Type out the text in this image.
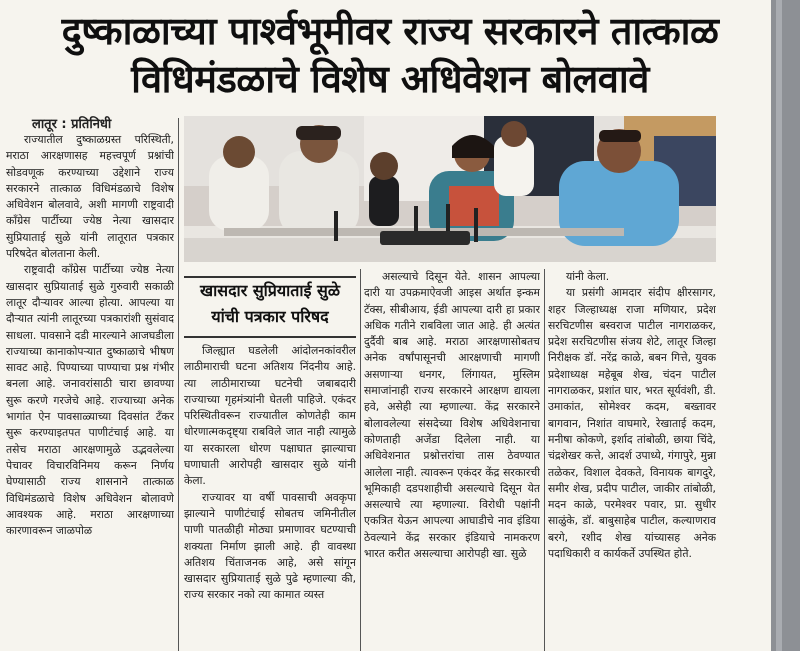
दुष्काळाच्या पार्श्वभूमीवर राज्य सरकारने तात्काळ
विधिमंडळाचे विशेष अधिवेशन बोलवावे
लातूर : प्रतिनिधी

राज्यातील दुष्काळग्रस्त परिस्थिती, मराठा आरक्षणासह महत्त्वपूर्ण प्रश्नांची सोडवणूक करण्याच्या उद्देशाने राज्य सरकारने तात्काळ विधिमंडळाचे विशेष अधिवेशन बोलवावे, अशी मागणी राष्ट्रवादी कॉंग्रेस पार्टीच्या ज्येष्ठ नेत्या खासदार सुप्रियाताई सुळे यांनी लातूरात पत्रकार परिषदेत बोलताना केली.

राष्ट्रवादी कॉंग्रेस पार्टीच्या ज्येष्ठ नेत्या खासदार सुप्रियाताई सुळे गुरुवारी सकाळी लातूर दौऱ्यावर आल्या होत्या. आपल्या या दौऱ्यात त्यांनी लातूरच्या पत्रकारांशी सुसंवाद साधला. पावसाने दडी मारल्याने आजघडीला राज्याच्या कानाकोपऱ्यात दुष्काळाचे भीषण सावट आहे. पिण्याच्या पाण्याचा प्रश्न गंभीर बनला आहे. जनावरांसाठी चारा छावण्या सुरू करणे गरजेचे आहे. राज्याच्या अनेक भागांत ऐन पावसाळ्याच्या दिवसांत टँकर सुरू करण्याइतपत पाणीटंचाई आहे. या तसेच मराठा आरक्षणामुळे उद्भवलेल्या पेचावर विचारविनिमय करून निर्णय घेण्यासाठी राज्य शासनाने तात्काळ विधिमंडळाचे विशेष अधिवेशन बोलावणे आवश्यक आहे. मराठा आरक्षणाच्या कारणावरून जाळपोळ

खासदार सुप्रियाताई सुळे
यांची पत्रकार परिषद

जिल्ह्यात घडलेली आंदोलनकांवरील लाठीमाराची घटना अतिशय निंदनीय आहे. त्या लाठीमाराच्या घटनेची जबाबदारी राज्याच्या गृहमंत्र्यांनी घेतली पाहिजे. एकंदर परिस्थितीवरून राज्यातील कोणतेही काम धोरणात्मकदृष्ट्या राबविले जात नाही त्यामुळे या सरकारला धोरण पक्षाघात झाल्याचा घणाघाती आरोपही खासदार सुळे यांनी केला.

राज्यावर या वर्षी पावसाची अवकृपा झाल्याने पाणीटंचाई सोबतच जमिनीतील पाणी पातळीही मोठ्या प्रमाणावर घटण्याची शक्यता निर्माण झाली आहे. ही वावस्था अतिशय चिंताजनक आहे, असे सांगून खासदार सुप्रियाताई सुळे पुढे म्हणाल्या की, राज्य सरकार नको त्या कामात व्यस्त

असल्याचे दिसून येते. शासन आपल्या दारी या उपक्रमाऐवजी आइस अर्थात इन्कम टॅक्स, सीबीआय, ईडी आपल्या दारी हा प्रकार अधिक गतीने राबविला जात आहे. ही अत्यंत दुर्दैवी बाब आहे. मराठा आरक्षणासोबतच अनेक वर्षांपासूनची आरक्षणाची मागणी असणाऱ्या धनगर, लिंगायत, मुस्लिम समाजांनाही राज्य सरकारने आरक्षण द्यायला हवे, असेही त्या म्हणाल्या. केंद्र सरकारने बोलावलेल्या संसदेच्या विशेष अधिवेशनाचा कोणताही अजेंडा दिलेला नाही. या अधिवेशनात प्रश्नोत्तरांचा तास ठेवण्यात आलेला नाही. त्यावरून एकंदर केंद्र सरकारची भूमिकाही दडपशाहीची असल्याचे दिसून येत असल्याचे त्या म्हणाल्या. विरोधी पक्षांनी एकत्रित येऊन आपल्या आघाडीचे नाव इंडिया ठेवल्याने केंद्र सरकार इंडियाचे नामकरण भारत करीत असल्याचा आरोपही खा. सुळे

यांनी केला.

या प्रसंगी आमदार संदीप क्षीरसागर, शहर जिल्हाध्यक्ष राजा मणियार, प्रदेश सरचिटणीस बस्वराज पाटील नागराळकर, प्रदेश सरचिटणीस संजय शेटे, लातूर जिल्हा निरीक्षक डॉ. नरेंद्र काळे, बबन गित्ते, युवक प्रदेशाध्यक्ष महेबूब शेख, चंदन पाटील नागराळकर, प्रशांत घार, भरत सूर्यवंशी, डी. उमाकांत, सोमेश्वर कदम, बख्तावर बागवान, निशांत वाघमारे, रेखाताई कदम, मनीषा कोकणे, इर्शाद तांबोळी, छाया चिंदे, चंद्रशेखर कत्ते, आदर्श उपाध्ये, गंगापुरे, मुन्ना तळेकर, विशाल देवकते, विनायक बागदुरे, समीर शेख, प्रदीप पाटील, जाकीर तांबोळी, मदन काळे, परमेश्वर पवार, प्रा. सुधीर साळुंके, डॉ. बाबुसाहेब पाटील, कल्याणराव बरगे, रशीद शेख यांच्यासह अनेक पदाधिकारी व कार्यकर्ते उपस्थित होते.
